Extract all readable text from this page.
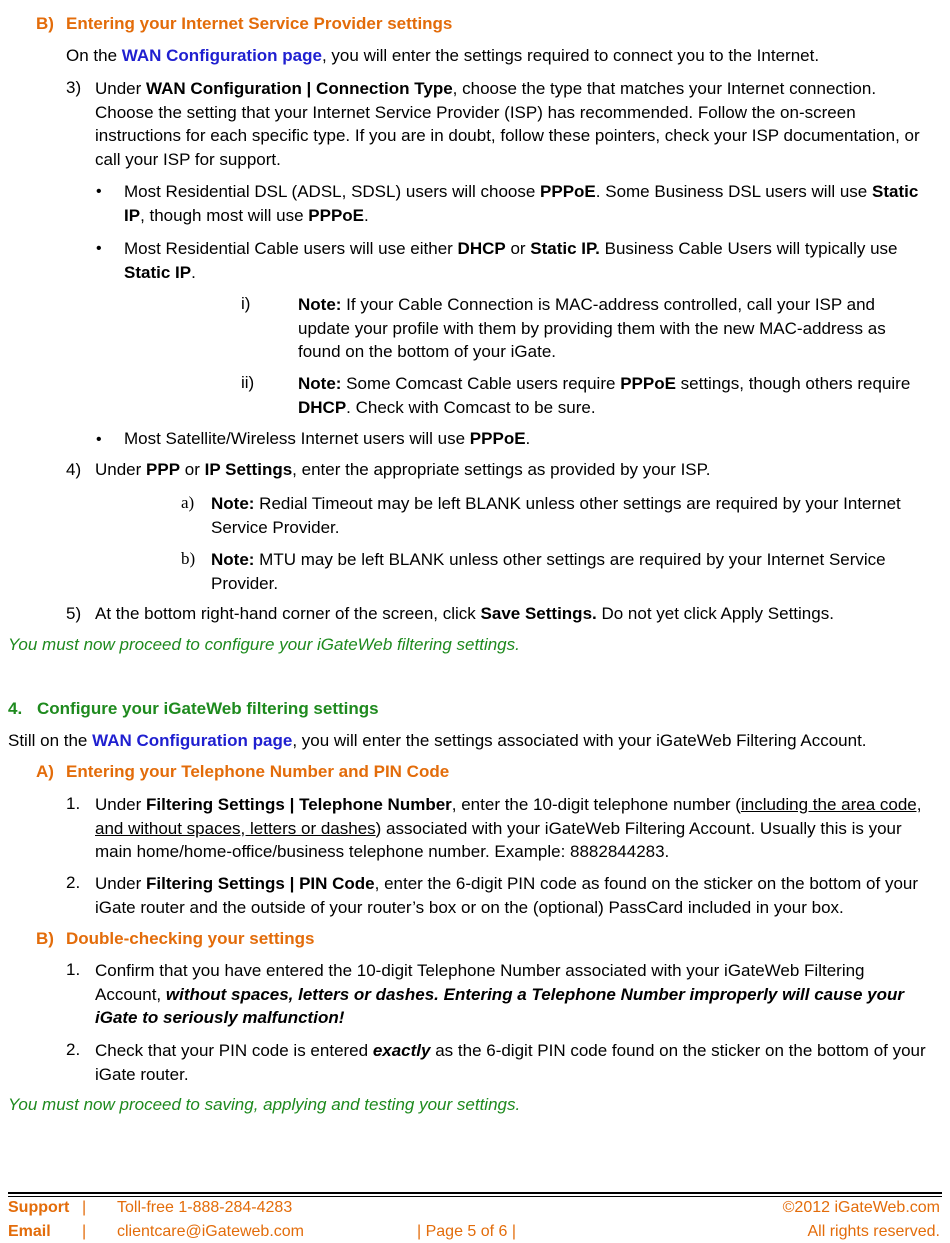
B) Entering your Internet Service Provider settings
On the WAN Configuration page, you will enter the settings required to connect you to the Internet.
3) Under WAN Configuration | Connection Type, choose the type that matches your Internet connection. Choose the setting that your Internet Service Provider (ISP) has recommended. Follow the on-screen instructions for each specific type. If you are in doubt, follow these pointers, check your ISP documentation, or call your ISP for support.
• Most Residential DSL (ADSL, SDSL) users will choose PPPoE. Some Business DSL users will use Static IP, though most will use PPPoE.
• Most Residential Cable users will use either DHCP or Static IP. Business Cable Users will typically use Static IP.
i)	Note: If your Cable Connection is MAC-address controlled, call your ISP and update your profile with them by providing them with the new MAC-address as found on the bottom of your iGate.
ii)	Note: Some Comcast Cable users require PPPoE settings, though others require DHCP. Check with Comcast to be sure.
• Most Satellite/Wireless Internet users will use PPPoE.
4) Under PPP or IP Settings, enter the appropriate settings as provided by your ISP.
a) Note: Redial Timeout may be left BLANK unless other settings are required by your Internet Service Provider.
b) Note: MTU may be left BLANK unless other settings are required by your Internet Service Provider.
5) At the bottom right-hand corner of the screen, click Save Settings. Do not yet click Apply Settings.
You must now proceed to configure your iGateWeb filtering settings.
4. Configure your iGateWeb filtering settings
Still on the WAN Configuration page, you will enter the settings associated with your iGateWeb Filtering Account.
A) Entering your Telephone Number and PIN Code
1. Under Filtering Settings | Telephone Number, enter the 10-digit telephone number (including the area code, and without spaces, letters or dashes) associated with your iGateWeb Filtering Account. Usually this is your main home/home-office/business telephone number. Example: 8882844283.
2. Under Filtering Settings | PIN Code, enter the 6-digit PIN code as found on the sticker on the bottom of your iGate router and the outside of your router’s box or on the (optional) PassCard included in your box.
B) Double-checking your settings
1. Confirm that you have entered the 10-digit Telephone Number associated with your iGateWeb Filtering Account, without spaces, letters or dashes. Entering a Telephone Number improperly will cause your iGate to seriously malfunction!
2. Check that your PIN code is entered exactly as the 6-digit PIN code found on the sticker on the bottom of your iGate router.
You must now proceed to saving, applying and testing your settings.
Support | Toll-free 1-888-284-4283	©2012 iGateWeb.com
Email | clientcare@iGateweb.com	| Page 5 of 6 |	All rights reserved.
